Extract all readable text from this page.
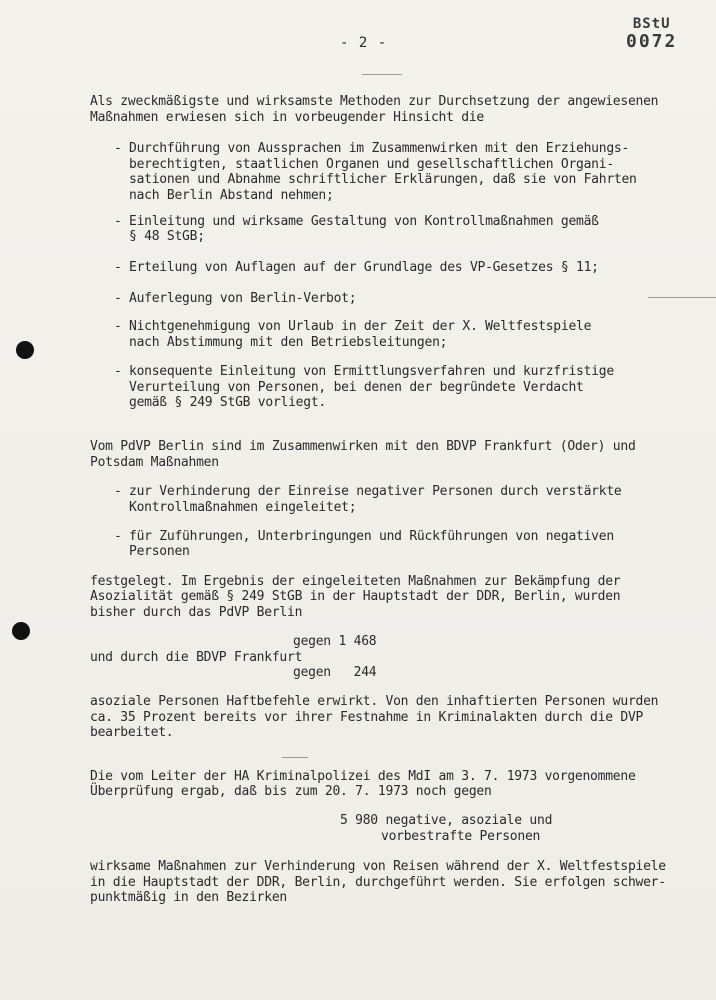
- 2 -
BStU
0072
Als zweckmäßigste und wirksamste Methoden zur Durchsetzung der angewiesenen
Maßnahmen erwiesen sich in vorbeugender Hinsicht die
- Durchführung von Aussprachen im Zusammenwirken mit den Erziehungs-
berechtigten, staatlichen Organen und gesellschaftlichen Organi-
sationen und Abnahme schriftlicher Erklärungen, daß sie von Fahrten
nach Berlin Abstand nehmen;
- Einleitung und wirksame Gestaltung von Kontrollmaßnahmen gemäß
§ 48 StGB;
- Erteilung von Auflagen auf der Grundlage des VP-Gesetzes § 11;
- Auferlegung von Berlin-Verbot;
- Nichtgenehmigung von Urlaub in der Zeit der X. Weltfestspiele
nach Abstimmung mit den Betriebsleitungen;
- konsequente Einleitung von Ermittlungsverfahren und kurzfristige
Verurteilung von Personen, bei denen der begründete Verdacht
gemäß § 249 StGB vorliegt.
Vom PdVP Berlin sind im Zusammenwirken mit den BDVP Frankfurt (Oder) und
Potsdam Maßnahmen
- zur Verhinderung der Einreise negativer Personen durch verstärkte
Kontrollmaßnahmen eingeleitet;
- für Zuführungen, Unterbringungen und Rückführungen von negativen
Personen
festgelegt. Im Ergebnis der eingeleiteten Maßnahmen zur Bekämpfung der
Asozialität gemäß § 249 StGB in der Hauptstadt der DDR, Berlin, wurden
bisher durch das PdVP Berlin
gegen 1 468
und durch die BDVP Frankfurt
gegen   244
asoziale Personen Haftbefehle erwirkt. Von den inhaftierten Personen wurden
ca. 35 Prozent bereits vor ihrer Festnahme in Kriminalakten durch die DVP
bearbeitet.
Die vom Leiter der HA Kriminalpolizei des MdI am 3. 7. 1973 vorgenommene
Überprüfung ergab, daß bis zum 20. 7. 1973 noch gegen
5 980 negative, asoziale und
vorbestrafte Personen
wirksame Maßnahmen zur Verhinderung von Reisen während der X. Weltfestspiele
in die Hauptstadt der DDR, Berlin, durchgeführt werden. Sie erfolgen schwer-
punktmäßig in den Bezirken
